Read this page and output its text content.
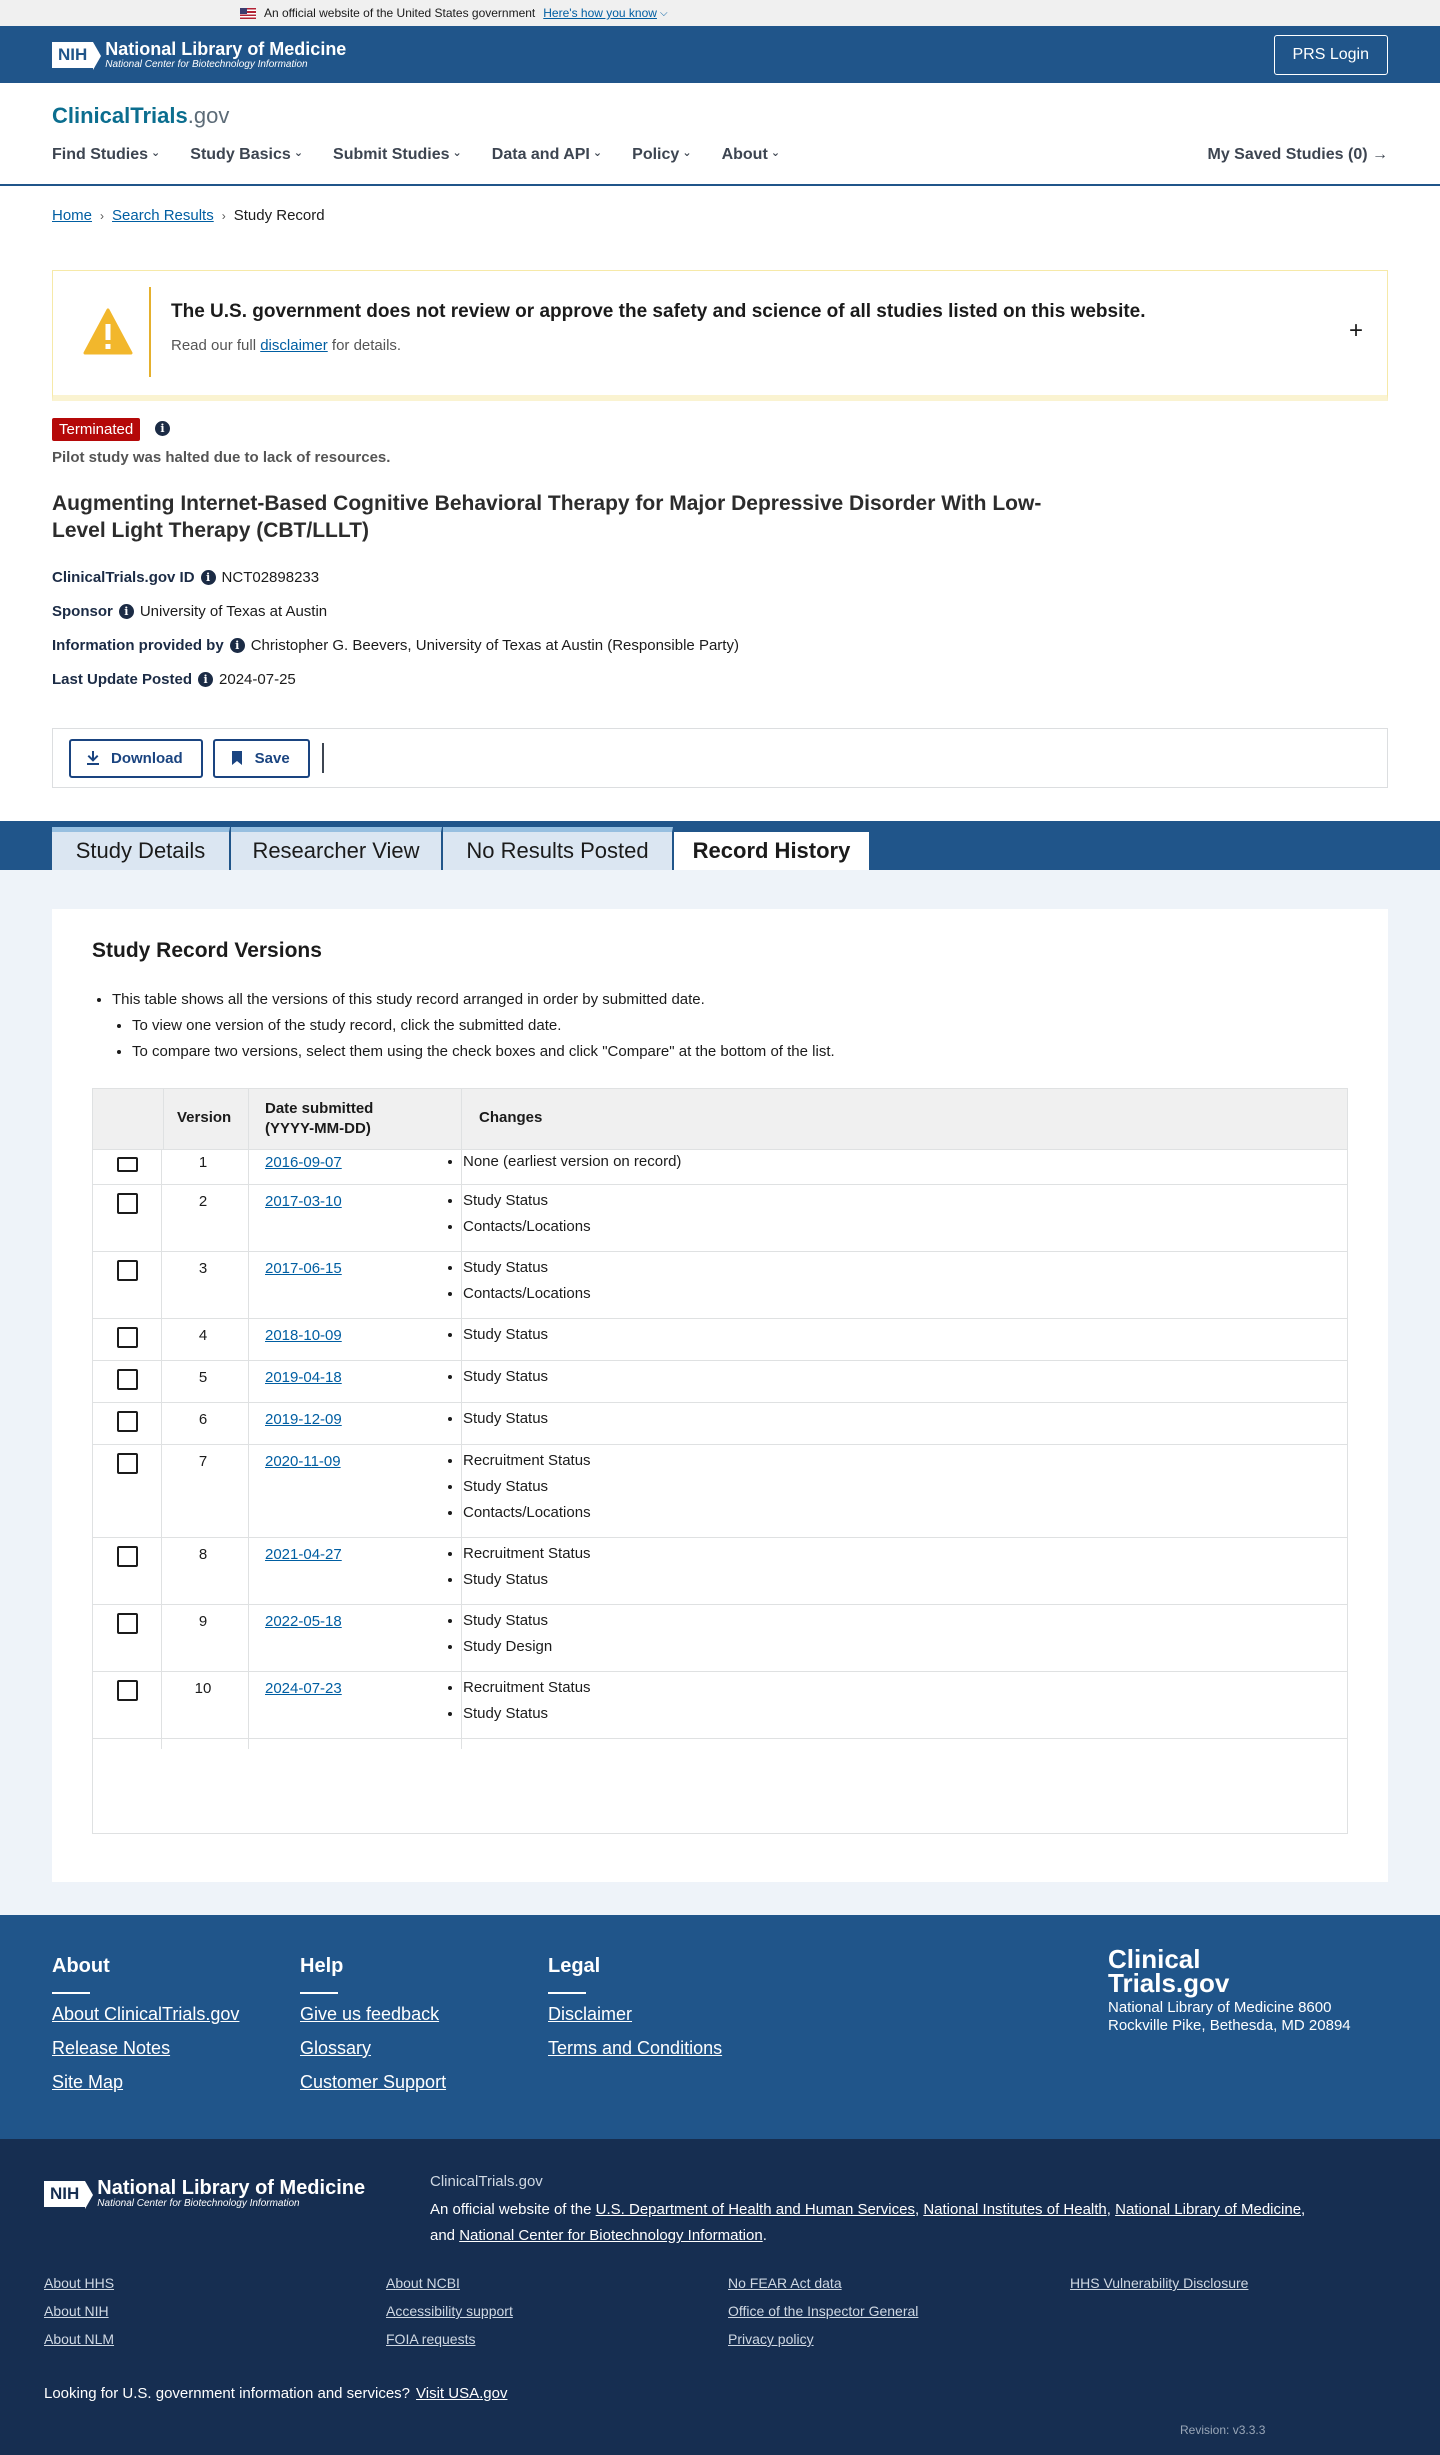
An official website of the United States government Here's how you know ⌵
NIH	National Library of Medicine
National Center for Biotechnology Information
PRS Login
ClinicalTrials.gov
Find Studies ⌄	Study Basics ⌄	Submit Studies ⌄	Data and API ⌄	Policy ⌄	About ⌄	My Saved Studies (0) →
Home › Search Results › Study Record
The U.S. government does not review or approve the safety and science of all studies listed on this website.
Read our full disclaimer for details.
+
Terminated	i
Pilot study was halted due to lack of resources.
Augmenting Internet-Based Cognitive Behavioral Therapy for Major Depressive Disorder With Low-Level Light Therapy (CBT/LLLT)
ClinicalTrials.gov ID	i NCT02898233
Sponsor	i University of Texas at Austin
Information provided by	i Christopher G. Beevers, University of Texas at Austin (Responsible Party)
Last Update Posted	i 2024-07-25
Download	Save
Study Details	Researcher View	No Results Posted	Record History
Study Record Versions
• This table shows all the versions of this study record arranged in order by submitted date.
• To view one version of the study record, click the submitted date.
• To compare two versions, select them using the check boxes and click "Compare" at the bottom of the list.
Version
Date submitted (YYYY-MM-DD)
Changes
1	2016-09-07	• None (earliest version on record)
2	2017-03-10	• Study Status
• Contacts/Locations
3	2017-06-15	• Study Status
• Contacts/Locations
4	2018-10-09	• Study Status
5	2019-04-18	• Study Status
6	2019-12-09	• Study Status
7	2020-11-09	• Recruitment Status
• Study Status
• Contacts/Locations
8	2021-04-27	• Recruitment Status
• Study Status
9	2022-05-18	• Study Status
• Study Design
10	2024-07-23	• Recruitment Status
• Study Status
About
About ClinicalTrials.gov
Release Notes
Site Map
Help
Give us feedback
Glossary
Customer Support
Legal
Disclaimer
Terms and Conditions
Clinical
Trials.gov
National Library of Medicine 8600 Rockville Pike, Bethesda, MD 20894
NIH National Library of Medicine
National Center for Biotechnology Information
ClinicalTrials.gov
An official website of the U.S. Department of Health and Human Services, National Institutes of Health, National Library of Medicine,
and National Center for Biotechnology Information.
About HHS
About NIH
About NLM
About NCBI
Accessibility support
FOIA requests
No FEAR Act data
Office of the Inspector General
Privacy policy
HHS Vulnerability Disclosure
Looking for U.S. government information and services? Visit USA.gov
Revision: v3.3.3
